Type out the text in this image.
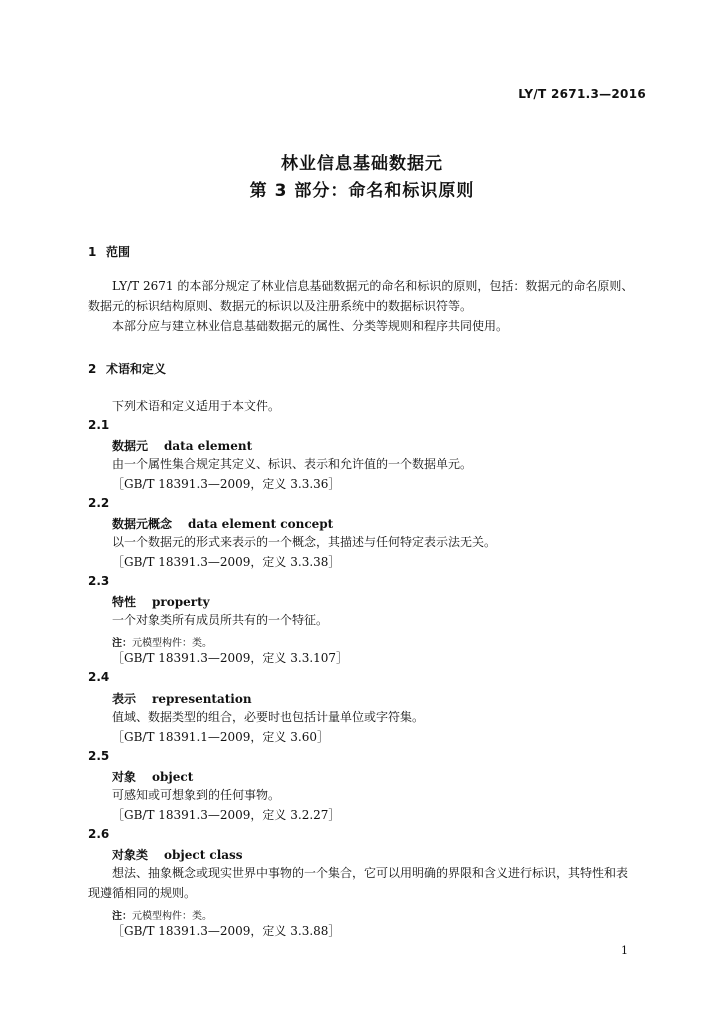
LY/T 2671.3—2016
林业信息基础数据元
第 3 部分：命名和标识原则
1 范围
LY/T 2671 的本部分规定了林业信息基础数据元的命名和标识的原则，包括：数据元的命名原则、
数据元的标识结构原则、数据元的标识以及注册系统中的数据标识符等。
本部分应与建立林业信息基础数据元的属性、分类等规则和程序共同使用。
2 术语和定义
下列术语和定义适用于本文件。
2.1
数据元 data element
由一个属性集合规定其定义、标识、表示和允许值的一个数据单元。
［GB/T 18391.3—2009，定义 3.3.36］
2.2
数据元概念 data element concept
以一个数据元的形式来表示的一个概念，其描述与任何特定表示法无关。
［GB/T 18391.3—2009，定义 3.3.38］
2.3
特性 property
一个对象类所有成员所共有的一个特征。
注：元模型构件：类。
［GB/T 18391.3—2009，定义 3.3.107］
2.4
表示 representation
值域、数据类型的组合，必要时也包括计量单位或字符集。
［GB/T 18391.1—2009，定义 3.60］
2.5
对象 object
可感知或可想象到的任何事物。
［GB/T 18391.3—2009，定义 3.2.27］
2.6
对象类 object class
想法、抽象概念或现实世界中事物的一个集合，它可以用明确的界限和含义进行标识，其特性和表
现遵循相同的规则。
注：元模型构件：类。
［GB/T 18391.3—2009，定义 3.3.88］
1
